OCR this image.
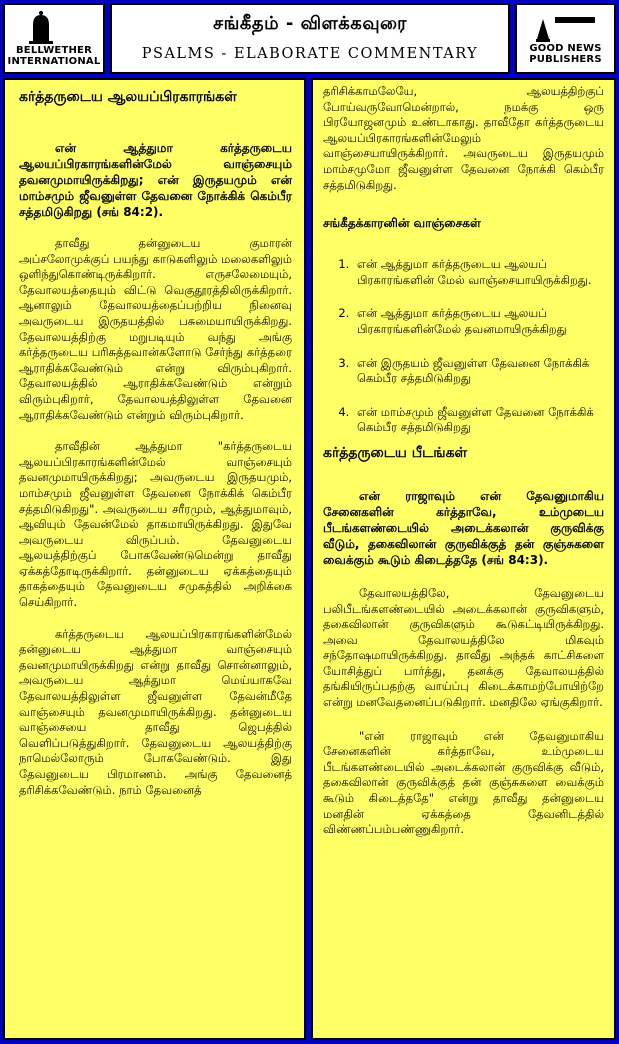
BELLWETHER INTERNATIONAL
சங்கீதம் - விளக்கவுரை
PSALMS - ELABORATE COMMENTARY	GOOD NEWS PUBLISHERS
கர்த்தருடைய ஆலயப்பிரகாரங்கள்
என் ஆத்துமா கர்த்தருடைய ஆலயப்பிரகாரங்களின்மேல் வாஞ்சையும் தவனமுமாயிருக்கிறது; என் இருதயமும் என் மாம்சமும் ஜீவனுள்ள தேவனை நோக்கிக் கெம்பீர சத்தமிடுகிறது (சங் 84:2).
தாவீது தன்னுடைய குமாரன் அப்சலோமுக்குப் பயந்து காடுகளிலும் மலைகளிலும் ஒளிந்துகொண்டிருக்கிறார். எருசலேமையும், தேவாலயத்தையும் விட்டு வெகுதூரத்திலிருக்கிறார். ஆனாலும் தேவாலயத்தைப்பற்றிய நினைவு அவருடைய இருதயத்தில் பசுமையாயிருக்கிறது. தேவாலயத்திற்கு மறுபடியும் வந்து அங்கு கர்த்தருடைய பரிசுத்தவான்களோடு சேர்ந்து கர்த்தரை ஆராதிக்கவேண்டும் என்று விரும்புகிறார். தேவாலயத்தில் ஆராதிக்கவேண்டும் என்றும் விரும்புகிறார், தேவாலயத்திலுள்ள தேவனை ஆராதிக்கவேண்டும் என்றும் விரும்புகிறார்.
தாவீதின் ஆத்துமா "கர்த்தருடைய ஆலயப்பிரகாரங்களின்மேல் வாஞ்சையும் தவனமுமாயிருக்கிறது; அவருடைய இருதயமும், மாம்சமும் ஜீவனுள்ள தேவனை நோக்கிக் கெம்பீர சத்தமிடுகிறது". அவருடைய சரீரமும், ஆத்துமாவும், ஆவியும் தேவன்மேல் தாகமாயிருக்கிறது. இதுவே அவருடைய விருப்பம். தேவனுடைய ஆலயத்திற்குப் போகவேண்டுமென்று தாவீது ஏக்கத்தோடிருக்கிறார். தன்னுடைய ஏக்கத்தையும் தாகத்தையும் தேவனுடைய சமுகத்தில் அறிக்கை செய்கிறார்.
கர்த்தருடைய ஆலயப்பிரகாரங்களின்மேல் தன்னுடைய ஆத்துமா வாஞ்சையும் தவனமுமாயிருக்கிறது என்று தாவீது சொன்னாலும், அவருடைய ஆத்துமா மெய்யாகவே தேவாலயத்திலுள்ள ஜீவனுள்ள தேவன்மீதே வாஞ்சையும் தவனமுமாயிருக்கிறது. தன்னுடைய வாஞ்சையை தாவீது ஜெபத்தில் வெளிப்படுத்துகிறார். தேவனுடைய ஆலயத்திற்கு நாமெல்லோரும் போகவேண்டும். இது தேவனுடைய பிரமாணம். அங்கு தேவனைத் தரிசிக்கவேண்டும். நாம் தேவனைத்
தரிசிக்காமலேயே, ஆலயத்திற்குப் போய்வருவோமென்றால், நமக்கு ஒரு பிரயோஜனமும் உண்டாகாது. தாவீதோ கர்த்தருடைய ஆலயப்பிரகாரங்களின்மேலும் வாஞ்சையாயிருக்கிறார். அவருடைய இருதயமும் மாம்சமுமோ ஜீவனுள்ள தேவனை நோக்கி கெம்பீர சத்தமிடுகிறது.
சங்கீதக்காரனின் வாஞ்சைகள்
1. என் ஆத்துமா கர்த்தருடைய ஆலயப் பிரகாரங்களின் மேல் வாஞ்சையாயிருக்கிறது.
2. என் ஆத்துமா கர்த்தருடைய ஆலயப் பிரகாரங்களின்மேல் தவனமாயிருக்கிறது
3. என் இருதயம் ஜீவனுள்ள தேவனை நோக்கிக் கெம்பீர சத்தமிடுகிறது
4. என் மாம்சமும் ஜீவனுள்ள தேவனை நோக்கிக் கெம்பீர சத்தமிடுகிறது
கர்த்தருடைய பீடங்கள்
என் ராஜாவும் என் தேவனுமாகிய சேனைகளின் கர்த்தாவே, உம்முடைய பீடங்களண்டையில் அடைக்கலான் குருவிக்கு வீடும், தகைவிலான் குருவிக்குத் தன் குஞ்சுகளை வைக்கும் கூடும் கிடைத்ததே (சங் 84:3).
தேவாலயத்திலே, தேவனுடைய பலிபீடங்களண்டையில் அடைக்கலான் குருவிகளும், தகைவிலான் குருவிகளும் கூடுகட்டியிருக்கிறது. அவை தேவாலயத்திலே மிகவும் சந்தோஷமாயிருக்கிறது. தாவீது அந்தக் காட்சிகளை யோசித்துப் பார்த்து, தனக்கு தேவாலயத்தில் தங்கியிருப்பதற்கு வாய்ப்பு கிடைக்காமற்போயிற்றே என்று மனவேதனைப்படுகிறார். மனதிலே ஏங்குகிறார்.
"என் ராஜாவும் என் தேவனுமாகிய சேனைகளின் கர்த்தாவே, உம்முடைய பீடங்களண்டையில் அடைக்கலான் குருவிக்கு வீடும், தகைவிலான் குருவிக்குத் தன் குஞ்சுகளை வைக்கும் கூடும் கிடைத்ததே" என்று தாவீது தன்னுடைய மனதின் ஏக்கத்தை தேவனிடத்தில் விண்ணப்பம்பண்ணுகிறார்.
